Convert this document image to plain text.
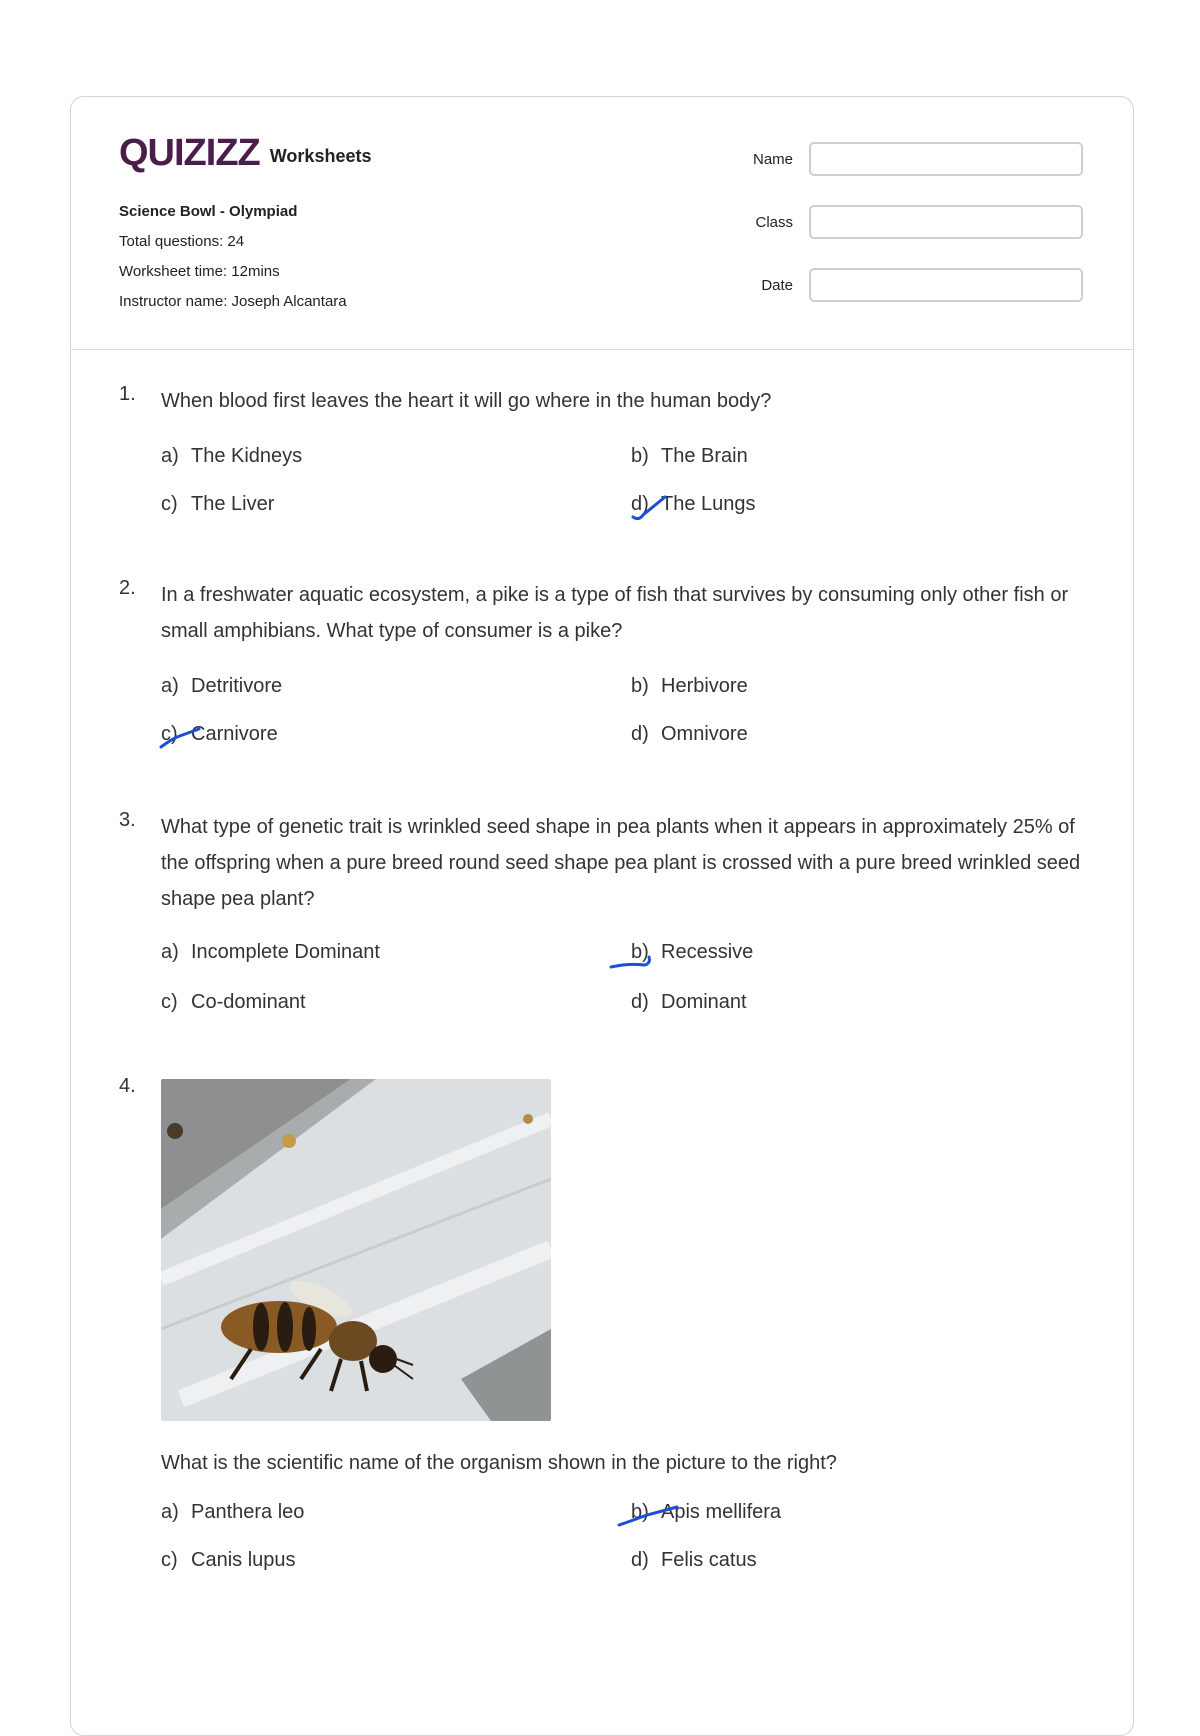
QUIZIZZ Worksheets
Science Bowl - Olympiad
Total questions: 24
Worksheet time: 12mins
Instructor name: Joseph Alcantara
Name
Class
Date
1. When blood first leaves the heart it will go where in the human body?
a) The Kidneys	b) The Brain
c) The Liver	d) The Lungs
2. In a freshwater aquatic ecosystem, a pike is a type of fish that survives by consuming only other fish or small amphibians. What type of consumer is a pike?
a) Detritivore	b) Herbivore
c) Carnivore	d) Omnivore
3. What type of genetic trait is wrinkled seed shape in pea plants when it appears in approximately 25% of the offspring when a pure breed round seed shape pea plant is crossed with a pure breed wrinkled seed shape pea plant?
a) Incomplete Dominant	b) Recessive
c) Co-dominant	d) Dominant
4.
What is the scientific name of the organism shown in the picture to the right?
a) Panthera leo	b) Apis mellifera
c) Canis lupus	d) Felis catus
